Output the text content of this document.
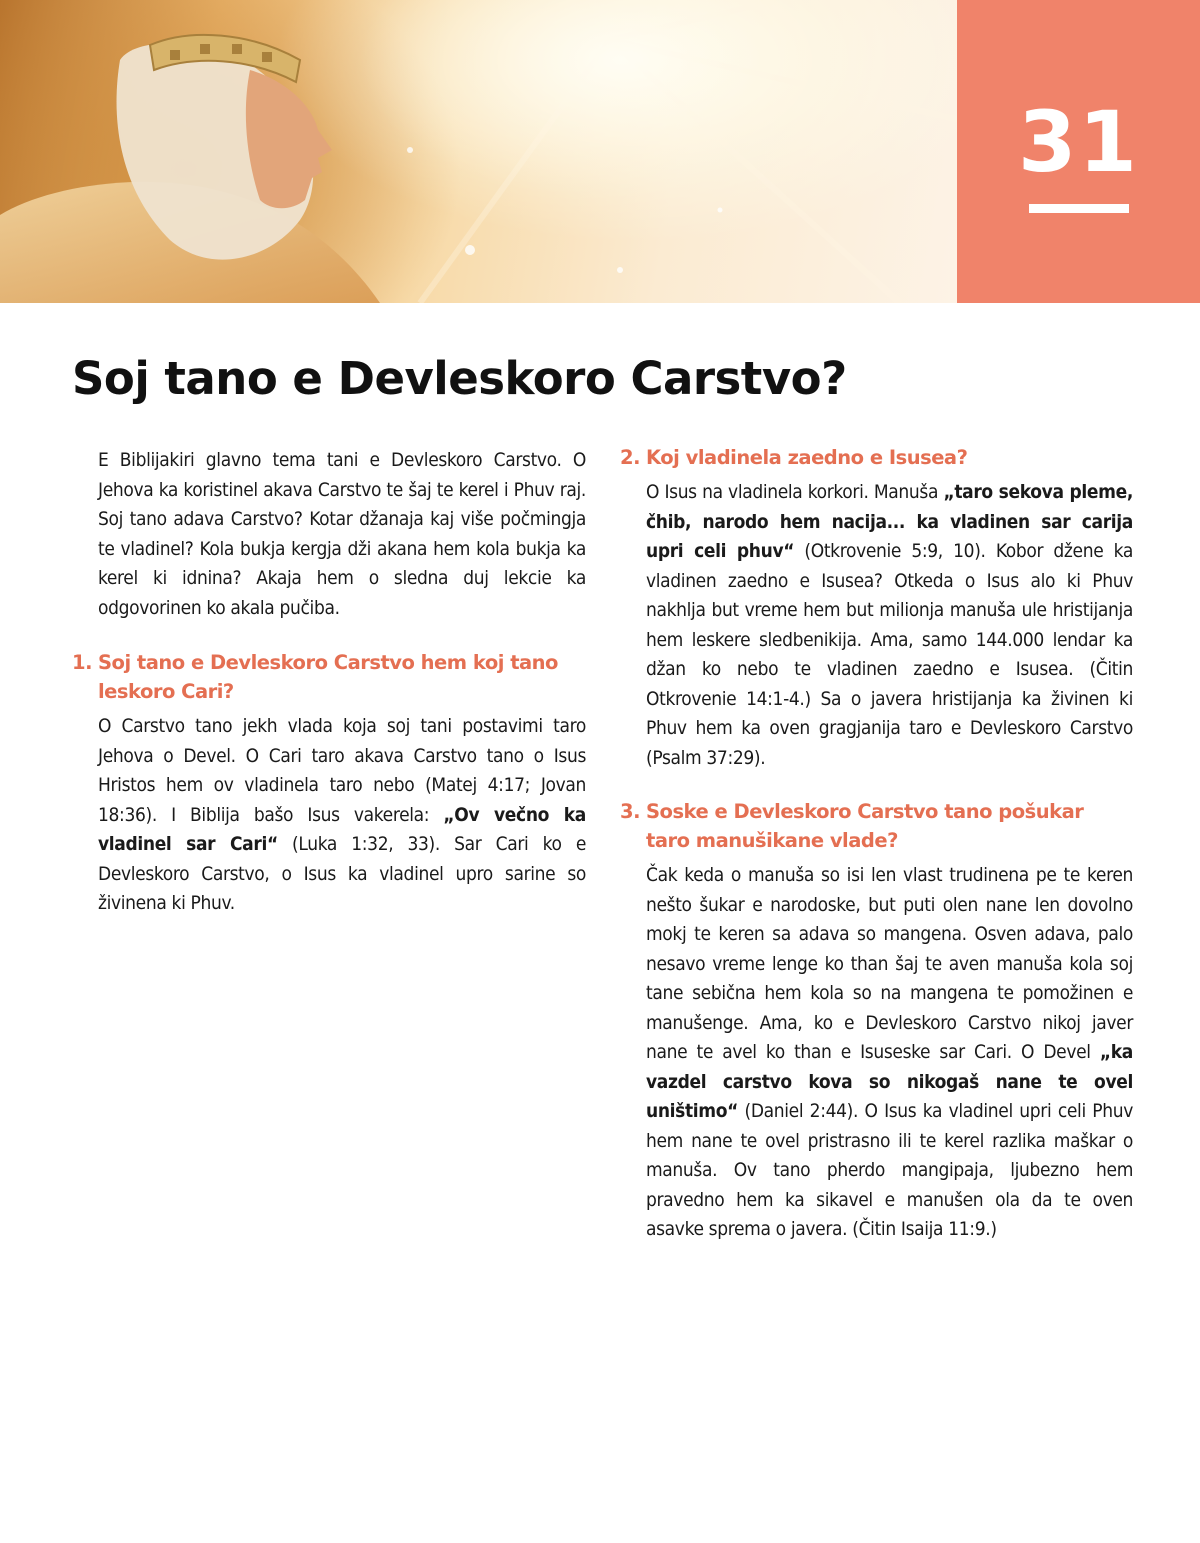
31
Soj tano e Devleskoro Carstvo?

E Biblijakiri glavno tema tani e Devleskoro Carstvo. O Jehova ka koristinel akava Carstvo te šaj te kerel i Phuv raj. Soj tano adava Carstvo? Kotar džanaja kaj više počmingja te vladinel? Kola bukja kergja dži akana hem kola bukja ka kerel ki idnina? Akaja hem o sledna duj lekcie ka odgovorinen ko akala pučiba.

1. Soj tano e Devleskoro Carstvo hem koj tano leskoro Cari?

O Carstvo tano jekh vlada koja soj tani postavimi taro Jehova o Devel. O Cari taro akava Carstvo tano o Isus Hristos hem ov vladinela taro nebo (Matej 4:17; Jovan 18:36). I Biblija bašo Isus vakerela: „Ov večno ka vladinel sar Cari“ (Luka 1:32, 33). Sar Cari ko e Devleskoro Carstvo, o Isus ka vladinel upro sarine so živinena ki Phuv.

2. Koj vladinela zaedno e Isusea?

O Isus na vladinela korkori. Manuša „taro sekova pleme, čhib, narodo hem nacija... ka vladinen sar carija upri celi phuv“ (Otkrovenie 5:9, 10). Kobor džene ka vladinen zaedno e Isusea? Otkeda o Isus alo ki Phuv nakhlja but vreme hem but milionja manuša ule hristijanja hem leskere sledbenikija. Ama, samo 144.000 lendar ka džan ko nebo te vladinen zaedno e Isusea. (Čitin Otkrovenie 14:1-4.) Sa o javera hristijanja ka živinen ki Phuv hem ka oven gragjanija taro e Devleskoro Carstvo (Psalm 37:29).

3. Soske e Devleskoro Carstvo tano pošukar taro manušikane vlade?

Čak keda o manuša so isi len vlast trudinena pe te keren nešto šukar e narodoske, but puti olen nane len dovolno mokj te keren sa adava so mangena. Osven adava, palo nesavo vreme lenge ko than šaj te aven manuša kola soj tane sebična hem kola so na mangena te pomožinen e manušenge. Ama, ko e Devleskoro Carstvo nikoj javer nane te avel ko than e Isuseske sar Cari. O Devel „ka vazdel carstvo kova so nikogaš nane te ovel uništimo“ (Daniel 2:44). O Isus ka vladinel upri celi Phuv hem nane te ovel pristrasno ili te kerel razlika maškar o manuša. Ov tano pherdo mangipaja, ljubezno hem pravedno hem ka sikavel e manušen ola da te oven asavke sprema o javera. (Čitin Isaija 11:9.)
